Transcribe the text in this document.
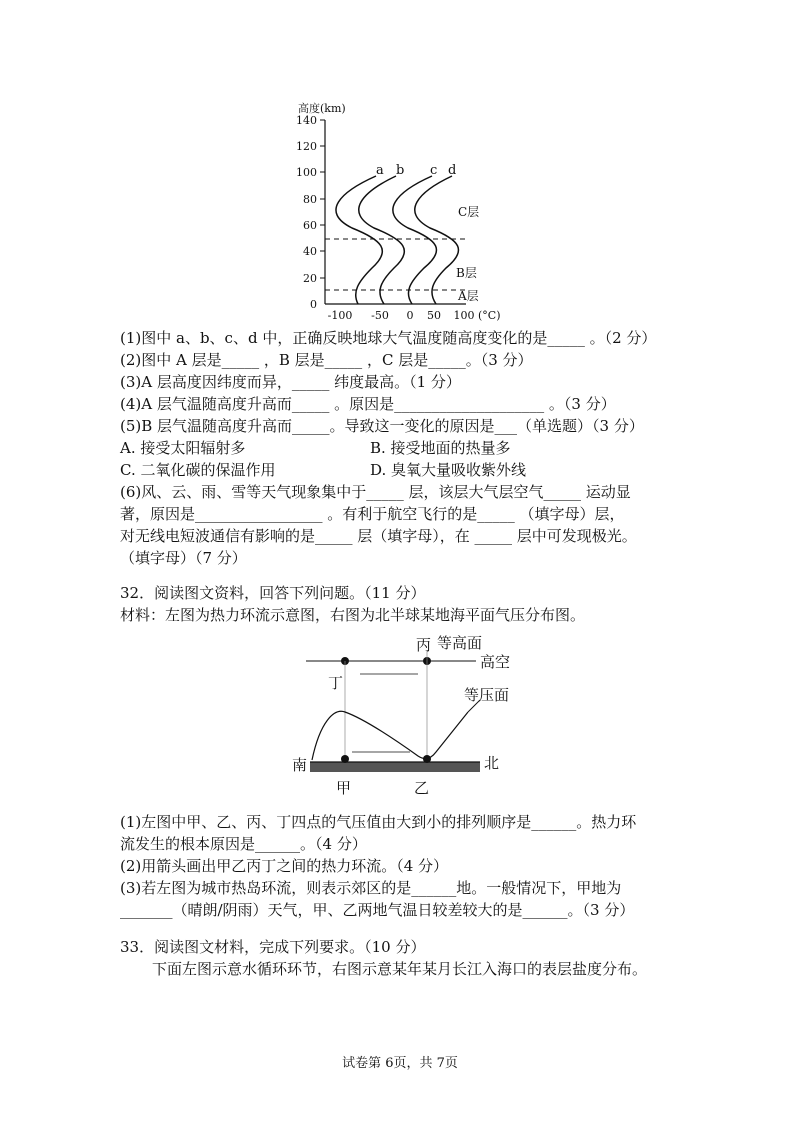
高度(km)
140
120
100
80
60
40
20
0
-100 -50 0 50 100 (°C)
a b c d
C层
B层
A层
(1)图中 a、b、c、d 中，正确反映地球大气温度随高度变化的是_____ 。（2 分）
(2)图中 A 层是_____ ，B 层是_____ ，C 层是_____。（3 分）
(3)A 层高度因纬度而异，_____ 纬度最高。（1 分）
(4)A 层气温随高度升高而_____ 。原因是____________________ 。（3 分）
(5)B 层气温随高度升高而_____。导致这一变化的原因是___（单选题）（3 分）
A. 接受太阳辐射多	B. 接受地面的热量多
C. 二氧化碳的保温作用	D. 臭氧大量吸收紫外线
(6)风、云、雨、雪等天气现象集中于_____ 层，该层大气层空气_____ 运动显
著，原因是_________________ 。有利于航空飞行的是_____ （填字母）层，
对无线电短波通信有影响的是_____ 层（填字母），在 _____ 层中可发现极光。
（填字母）（7 分）
32．阅读图文资料，回答下列问题。（11 分）
材料：左图为热力环流示意图，右图为北半球某地海平面气压分布图。
丙 等高面
高空
丁
等压面
南	北
甲	乙
(1)左图中甲、乙、丙、丁四点的气压值由大到小的排列顺序是______。热力环
流发生的根本原因是______。（4 分）
(2)用箭头画出甲乙丙丁之间的热力环流。（4 分）
(3)若左图为城市热岛环流，则表示郊区的是______地。一般情况下，甲地为
_______（晴朗/阴雨）天气，甲、乙两地气温日较差较大的是______。（3 分）
33．阅读图文材料，完成下列要求。（10 分）
下面左图示意水循环环节，右图示意某年某月长江入海口的表层盐度分布。
试卷第 6页，共 7页
